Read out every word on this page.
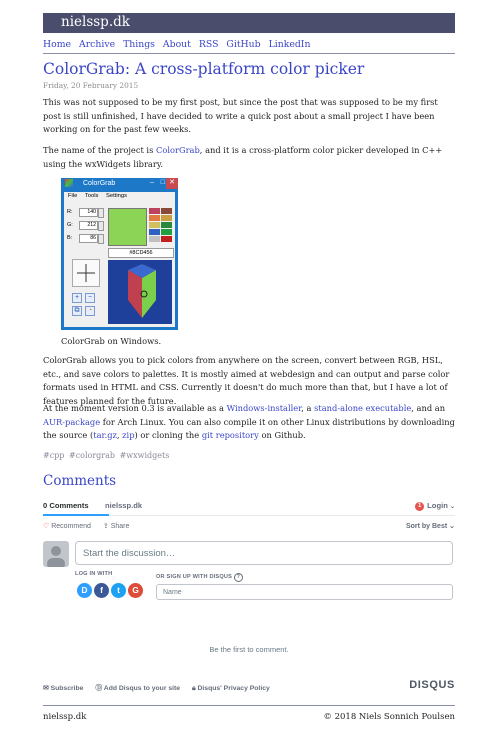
nielssp.dk
Home Archive Things About RSS GitHub LinkedIn
ColorGrab: A cross-platform color picker
Friday, 20 February 2015

This was not supposed to be my first post, but since the post that was supposed to be my first post is still unfinished, I have decided to write a quick post about a small project I have been working on for the past few weeks.

The name of the project is ColorGrab, and it is a cross-platform color picker developed in C++ using the wxWidgets library.

ColorGrab allows you to pick colors from anywhere on the screen, convert between RGB, HSL, etc., and save colors to palettes. It is mostly aimed at webdesign and can output and parse color formats used in HTML and CSS. Currently it doesn't do much more than that, but I have a lot of features planned for the future.

At the moment version 0.3 is available as a Windows-installer, a stand-alone executable, and an AUR-package for Arch Linux. You can also compile it on other Linux distributions by downloading the source (tar.gz, zip) or cloning the git repository on Github.

#cpp #colorgrab #wxwidgets
Comments
0 Comments	nielssp.dk	1 Login ⌄
♡ Recommend ⇪ Share	Sort by Best ⌄
Start the discussion…
LOG IN WITH	OR SIGN UP WITH DISQUS ?
D	f	t	G	Name
Be the first to comment.
✉ Subscribe Ⓓ Add Disqus to your site 🔒︎ Disqus' Privacy Policy	DISQUS
nielssp.dk	© 2018 Niels Sonnich Poulsen
ColorGrab	– □ ✕
File Tools Settings
R:	140
G:	212
B:	86
#8CD456
+	−
⧉	◔
ColorGrab on Windows.
